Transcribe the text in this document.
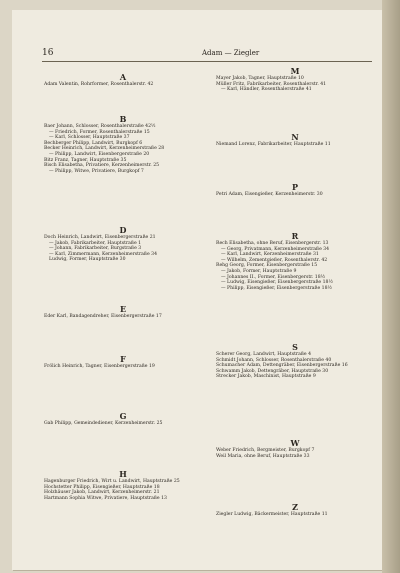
16	Adam — Ziegler
A
Adam Valentin, Rohrformer, Rosenthalerstr. 42
B
Baer Johann, Schlosser, Rosenthalerstraße 42½
— Friedrich, Former, Rosenthalerstraße 15
— Karl, Schlosser, Hauptstraße 37
Bechberger Philipp, Landwirt, Burgkopf 6
Becker Heinrich, Landwirt, Kerzenheimerstraße 28
— Philipp, Landwirt, Eisenbergerstraße 20
Bitz Franz, Tagner, Hauptstraße 35
Bisch Elisabetha, Privatiere, Kerzenheimerstr. 25
— Philipp, Witwe, Privatiere, Burgkopf 7
D
Doch Heinrich, Landwirt, Eisenbergerstraße 21
— Jakob, Fabrikarbeiter, Hauptstraße 1
— Johann, Fabrikarbeiter, Burgstraße 3
— Karl, Zimmermann, Kerzenheimerstraße 34
Ludwig, Former, Hauptstraße 30
E
Eder Karl, Bandagendreher, Eisenbergerstraße 17
F
Frölich Heinrich, Tagner, Eisenbergerstraße 19
G
Gab Philipp, Gemeindediener, Kerzenheimerstr. 25
H
Hagenburger Friedrich, Wirt u. Landwirt, Hauptstraße 25
Hochstetter Philipp, Eisengießer, Hauptstraße 18
Holzhäuser Jakob, Landwirt, Kerzenheimerstr. 21
Hartmann Sophia Witwe, Privatiere, Hauptstraße 13
M
Mayer Jakob, Tagner, Hauptstraße 10
Müller Fritz, Fabrikarbeiter, Rosenthalerstr. 41
— Karl, Händler, Rosenthalerstraße 41
N
Niemand Lorenz, Fabrikarbeiter, Hauptstraße 11
P
Petri Adam, Eisengießer, Kerzenheimerstr. 30
R
Rech Elisabetha, ohne Beruf, Eisenbergerstr. 13
— Georg, Privatmann, Kerzenheimerstraße 34
— Karl, Landwirt, Kerzenheimerstraße 31
— Wilhelm, Zementgießer, Rosenthalerstr. 42
Rehg Georg, Former, Eisenbergerstraße 15
— Jakob, Former, Hauptstraße 9
— Johannes II., Former, Eisenbergerstr. 18½
— Ludwig, Eisengießer, Eisenbergerstraße 18½
— Philipp, Eisengießer, Eisenbergerstraße 18½
S
Scherer Georg, Landwirt, Hauptstraße 4
Schmidt Johann, Schlosser, Rosenthalerstraße 40
Schumacher Adam, Dettengräber, Eisenbergerstraße 16
Schwamm Jakob, Dettengräber, Hauptstraße 30
Strecker Jakob, Maschinist, Hauptstraße 9
W
Weber Friedrich, Bergmeister, Burgkopf 7
Weil Maria, ohne Beruf, Hauptstraße 33
Z
Ziegler Ludwig, Bäckermeister, Hauptstraße 11
